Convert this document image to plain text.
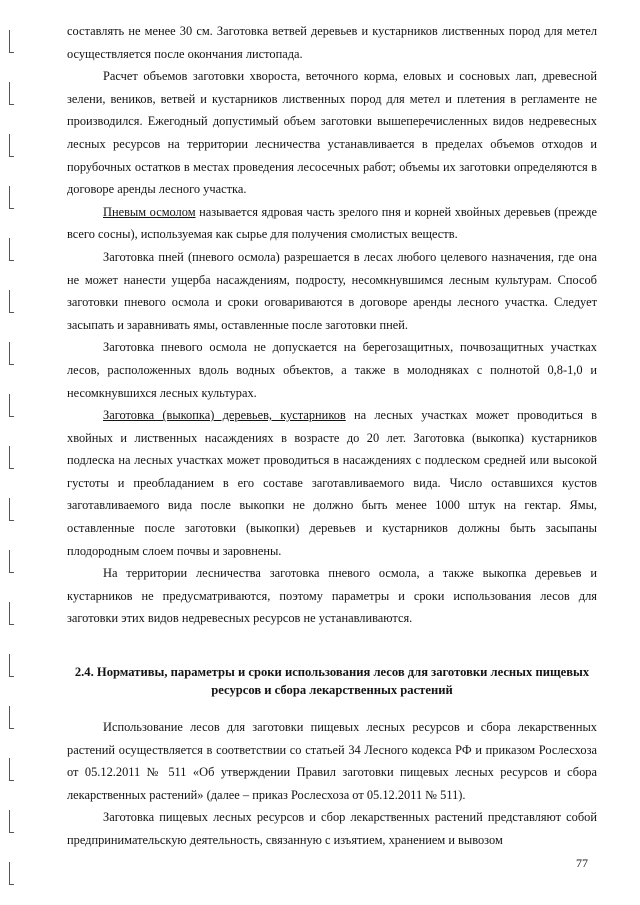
составлять не менее 30 см. Заготовка ветвей деревьев и кустарников лиственных пород для метел осуществляется после окончания листопада.

Расчет объемов заготовки хвороста, веточного корма, еловых и сосновых лап, древесной зелени, веников, ветвей и кустарников лиственных пород для метел и плетения в регламенте не производился. Ежегодный допустимый объем заготовки вышеперечисленных видов недревесных лесных ресурсов на территории лесничества устанавливается в пределах объемов отходов и порубочных остатков в местах проведения лесосечных работ; объемы их заготовки определяются в договоре аренды лесного участка.

Пневым осмолом называется ядровая часть зрелого пня и корней хвойных деревьев (прежде всего сосны), используемая как сырье для получения смолистых веществ.

Заготовка пней (пневого осмола) разрешается в лесах любого целевого назначения, где она не может нанести ущерба насаждениям, подросту, несомкнувшимся лесным культурам. Способ заготовки пневого осмола и сроки оговариваются в договоре аренды лесного участка. Следует засыпать и заравнивать ямы, оставленные после заготовки пней.

Заготовка пневого осмола не допускается на берегозащитных, почвозащитных участках лесов, расположенных вдоль водных объектов, а также в молодняках с полнотой 0,8-1,0 и несомкнувшихся лесных культурах.

Заготовка (выкопка) деревьев, кустарников на лесных участках может проводиться в хвойных и лиственных насаждениях в возрасте до 20 лет. Заготовка (выкопка) кустарников подлеска на лесных участках может проводиться в насаждениях с подлеском средней или высокой густоты и преобладанием в его составе заготавливаемого вида. Число оставшихся кустов заготавливаемого вида после выкопки не должно быть менее 1000 штук на гектар. Ямы, оставленные после заготовки (выкопки) деревьев и кустарников должны быть засыпаны плодородным слоем почвы и заровнены.

На территории лесничества заготовка пневого осмола, а также выкопка деревьев и кустарников не предусматриваются, поэтому параметры и сроки использования лесов для заготовки этих видов недревесных ресурсов не устанавливаются.

2.4. Нормативы, параметры и сроки использования лесов для заготовки лесных пищевых ресурсов и сбора лекарственных растений

Использование лесов для заготовки пищевых лесных ресурсов и сбора лекарственных растений осуществляется в соответствии со статьей 34 Лесного кодекса РФ и приказом Рослесхоза от 05.12.2011 № 511 «Об утверждении Правил заготовки пищевых лесных ресурсов и сбора лекарственных растений» (далее – приказ Рослесхоза от 05.12.2011 № 511).

Заготовка пищевых лесных ресурсов и сбор лекарственных растений представляют собой предпринимательскую деятельность, связанную с изъятием, хранением и вывозом

77
